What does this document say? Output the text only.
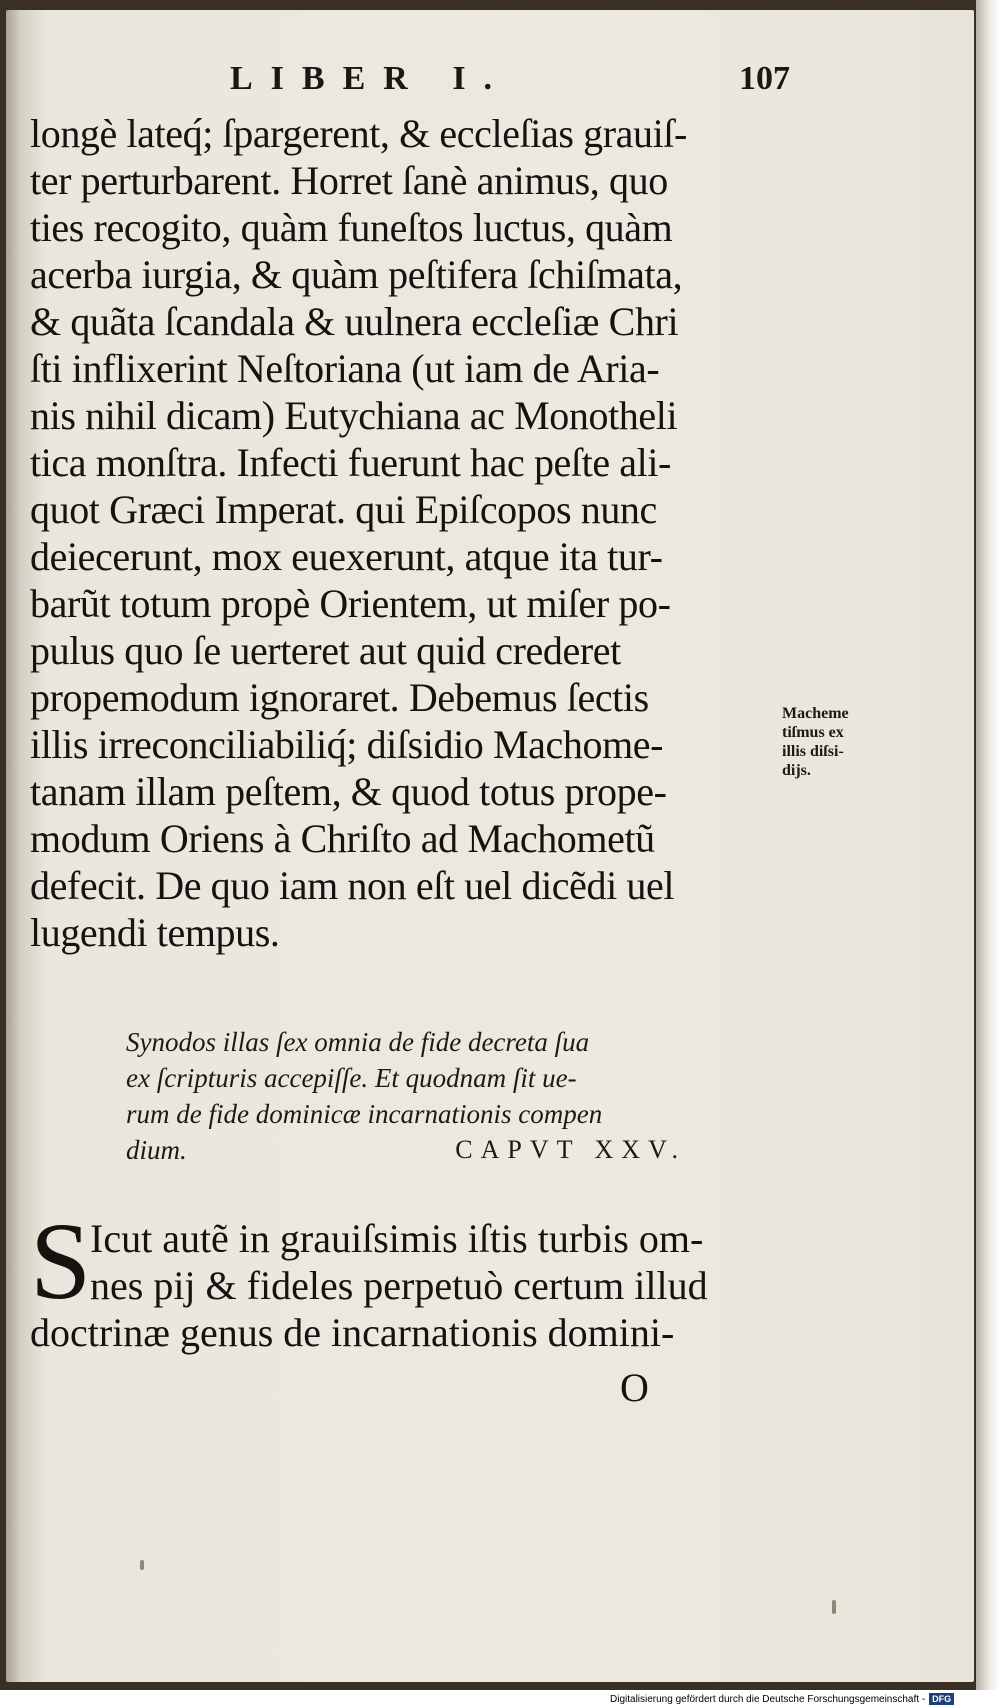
LIBER I.	107
longè lateq́; ſpargerent, & eccleſias grauiſ-
ter perturbarent. Horret ſanè animus, quo
ties recogito, quàm funeſtos luctus, quàm
acerba iurgia, & quàm peſtifera ſchiſmata,
& quãta ſcandala & uulnera eccleſiæ Chri
ſti inflixerint Neſtoriana (ut iam de Aria-
nis nihil dicam) Eutychiana ac Monotheli
tica monſtra. Infecti fuerunt hac peſte ali-
quot Græci Imperat. qui Epiſcopos nunc
deiecerunt, mox euexerunt, atque ita tur-
barũt totum propè Orientem, ut miſer po-
pulus quo ſe uerteret aut quid crederet
propemodum ignoraret. Debemus ſectis
illis irreconciliabiliq́; diſsidio Machome-
tanam illam peſtem, & quod totus prope-
modum Oriens à Chriſto ad Machometũ
defecit. De quo iam non eſt uel dicẽdi uel
lugendi tempus.
Macheme
tiſmus ex
illis diſsi-
dijs.
Synodos illas ſex omnia de fide decreta ſua
ex ſcripturis accepiſſe. Et quodnam ſit ue-
rum de fide dominicæ incarnationis compen
dium.	CAPVT XXV.
S
Icut autẽ in grauiſsimis iſtis turbis om-
nes pij & fideles perpetuò certum illud
doctrinæ genus de incarnationis domini-
O
Digitalisierung gefördert durch die Deutsche Forschungsgemeinschaft - DFG
